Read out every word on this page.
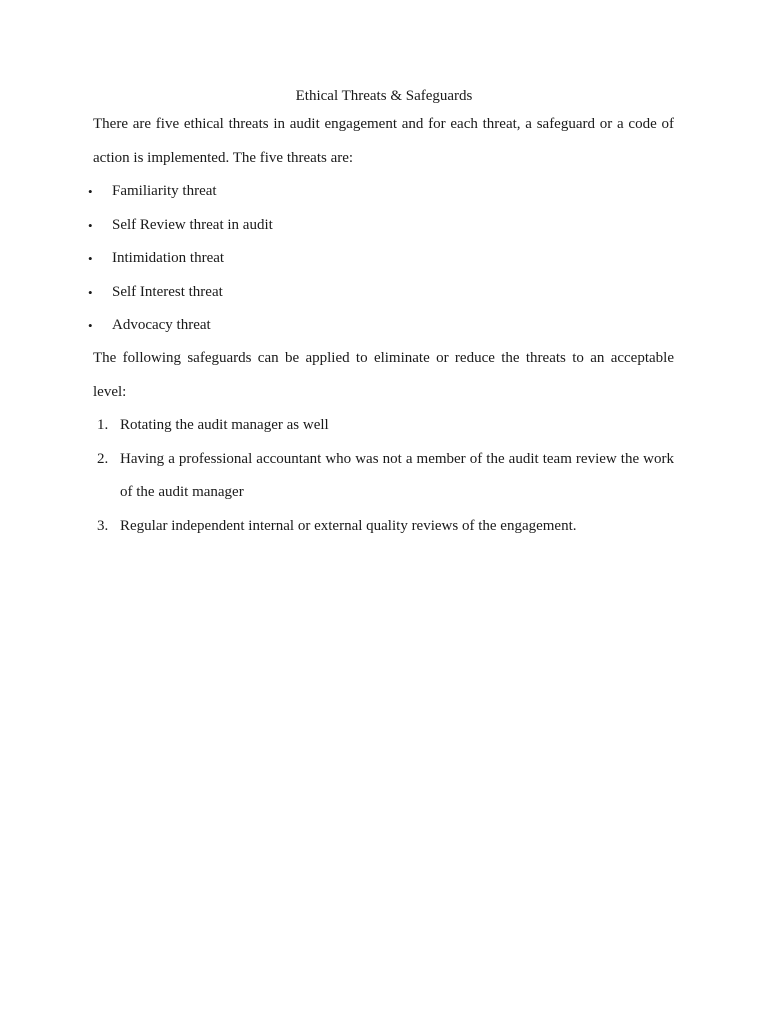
Ethical Threats & Safeguards
There are five ethical threats in audit engagement and for each threat, a safeguard or a code of action is implemented. The five threats are:
• Familiarity threat
• Self Review threat in audit
• Intimidation threat
• Self Interest threat
• Advocacy threat
The following safeguards can be applied to eliminate or reduce the threats to an acceptable level:
1. Rotating the audit manager as well
2. Having a professional accountant who was not a member of the audit team review the work of the audit manager
3. Regular independent internal or external quality reviews of the engagement.
